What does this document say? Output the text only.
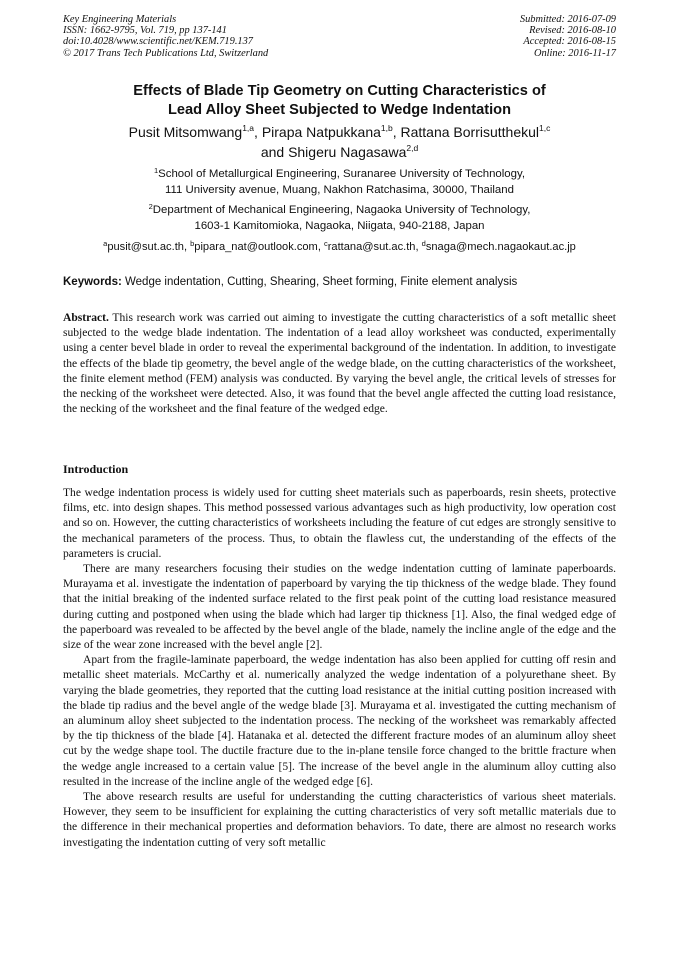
Key Engineering Materials
ISSN: 1662-9795, Vol. 719, pp 137-141
doi:10.4028/www.scientific.net/KEM.719.137
© 2017 Trans Tech Publications Ltd, Switzerland
Submitted: 2016-07-09
Revised: 2016-08-10
Accepted: 2016-08-15
Online: 2016-11-17
Effects of Blade Tip Geometry on Cutting Characteristics of
Lead Alloy Sheet Subjected to Wedge Indentation
Pusit Mitsomwang$^{1,a}$, Pirapa Natpukkana$^{1,b}$, Rattana Borrisutthekul$^{1,c}$
and Shigeru Nagasawa$^{2,d}$
$^1$School of Metallurgical Engineering, Suranaree University of Technology,
111 University avenue, Muang, Nakhon Ratchasima, 30000, Thailand
$^2$Department of Mechanical Engineering, Nagaoka University of Technology,
1603-1 Kamitomioka, Nagaoka, Niigata, 940-2188, Japan
$^a$pusit@sut.ac.th, $^b$pipara_nat@outlook.com, $^c$rattana@sut.ac.th, $^d$snaga@mech.nagaokaut.ac.jp
Keywords: Wedge indentation, Cutting, Shearing, Sheet forming, Finite element analysis

Abstract. This research work was carried out aiming to investigate the cutting characteristics of a soft metallic sheet subjected to the wedge blade indentation. The indentation of a lead alloy worksheet was conducted, experimentally using a center bevel blade in order to reveal the experimental background of the indentation. In addition, to investigate the effects of the blade tip geometry, the bevel angle of the wedge blade, on the cutting characteristics of the worksheet, the finite element method (FEM) analysis was conducted. By varying the bevel angle, the critical levels of stresses for the necking of the worksheet were detected. Also, it was found that the bevel angle affected the cutting load resistance, the necking of the worksheet and the final feature of the wedged edge.

Introduction

The wedge indentation process is widely used for cutting sheet materials such as paperboards, resin sheets, protective films, etc. into design shapes. This method possessed various advantages such as high productivity, low operation cost and so on. However, the cutting characteristics of worksheets including the feature of cut edges are strongly sensitive to the mechanical parameters of the process. Thus, to obtain the flawless cut, the understanding of the effects of the parameters is crucial.

There are many researchers focusing their studies on the wedge indentation cutting of laminate paperboards. Murayama et al. investigate the indentation of paperboard by varying the tip thickness of the wedge blade. They found that the initial breaking of the indented surface related to the first peak point of the cutting load resistance measured during cutting and postponed when using the blade which had larger tip thickness [1]. Also, the final wedged edge of the paperboard was revealed to be affected by the bevel angle of the blade, namely the incline angle of the edge and the size of the wear zone increased with the bevel angle [2].

Apart from the fragile-laminate paperboard, the wedge indentation has also been applied for cutting off resin and metallic sheet materials. McCarthy et al. numerically analyzed the wedge indentation of a polyurethane sheet. By varying the blade geometries, they reported that the cutting load resistance at the initial cutting position increased with the blade tip radius and the bevel angle of the wedge blade [3]. Murayama et al. investigated the cutting mechanism of an aluminum alloy sheet subjected to the indentation process. The necking of the worksheet was remarkably affected by the tip thickness of the blade [4]. Hatanaka et al. detected the different fracture modes of an aluminum alloy sheet cut by the wedge shape tool. The ductile fracture due to the in-plane tensile force changed to the brittle fracture when the wedge angle increased to a certain value [5]. The increase of the bevel angle in the aluminum alloy cutting also resulted in the increase of the incline angle of the wedged edge [6].

The above research results are useful for understanding the cutting characteristics of various sheet materials. However, they seem to be insufficient for explaining the cutting characteristics of very soft metallic materials due to the difference in their mechanical properties and deformation behaviors. To date, there are almost no research works investigating the indentation cutting of very soft metallic
